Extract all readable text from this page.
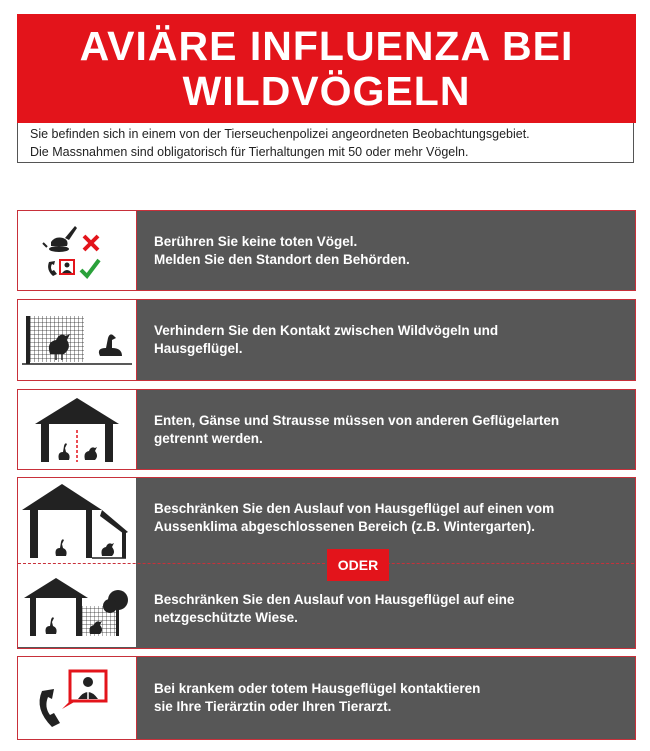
AVIÄRE INFLUENZA BEI
WILDVÖGELN
Sie befinden sich in einem von der Tierseuchenpolizei angeordneten Beobachtungsgebiet.
Die Massnahmen sind obligatorisch für Tierhaltungen mit 50 oder mehr Vögeln.
Berühren Sie keine toten Vögel.
Melden Sie den Standort den Behörden.
Verhindern Sie den Kontakt zwischen Wildvögeln und
Hausgeflügel.
Enten, Gänse und Strausse müssen von anderen Geflügelarten
getrennt werden.
ODER
Beschränken Sie den Auslauf von Hausgeflügel auf einen vom
Aussenklima abgeschlossenen Bereich (z.B. Wintergarten).
Beschränken Sie den Auslauf von Hausgeflügel auf eine
netzgeschützte Wiese.
Bei krankem oder totem Hausgeflügel kontaktieren
sie Ihre Tierärztin oder Ihren Tierarzt.
